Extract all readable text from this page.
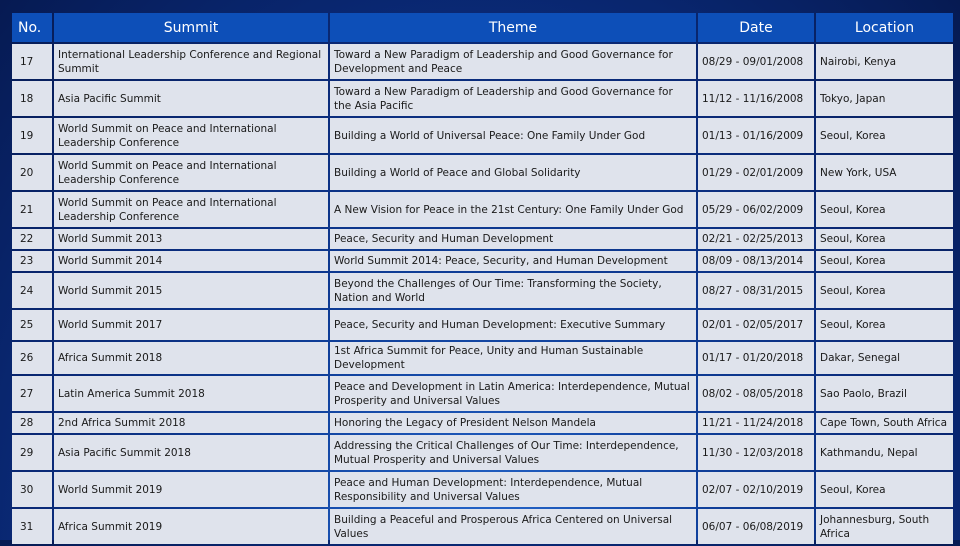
No.	Summit	Theme	Date	Location
17	International Leadership Conference and Regional Summit	Toward a New Paradigm of Leadership and Good Governance for Development and Peace	08/29 - 09/01/2008	Nairobi, Kenya
18	Asia Pacific Summit	Toward a New Paradigm of Leadership and Good Governance for the Asia Pacific	11/12 - 11/16/2008	Tokyo, Japan
19	World Summit on Peace and International Leadership Conference	Building a World of Universal Peace: One Family Under God	01/13 - 01/16/2009	Seoul, Korea
20	World Summit on Peace and International Leadership Conference	Building a World of Peace and Global Solidarity	01/29 - 02/01/2009	New York, USA
21	World Summit on Peace and International Leadership Conference	A New Vision for Peace in the 21st Century: One Family Under God	05/29 - 06/02/2009	Seoul, Korea
22	World Summit 2013	Peace, Security and Human Development	02/21 - 02/25/2013	Seoul, Korea
23	World Summit 2014	World Summit 2014: Peace, Security, and Human Development	08/09 - 08/13/2014	Seoul, Korea
24	World Summit 2015	Beyond the Challenges of Our Time: Transforming the Society, Nation and World	08/27 - 08/31/2015	Seoul, Korea
25	World Summit 2017	Peace, Security and Human Development: Executive Summary	02/01 - 02/05/2017	Seoul, Korea
26	Africa Summit 2018	1st Africa Summit for Peace, Unity and Human Sustainable Development	01/17 - 01/20/2018	Dakar, Senegal
27	Latin America Summit 2018	Peace and Development in Latin America: Interdependence, Mutual Prosperity and Universal Values	08/02 - 08/05/2018	Sao Paolo, Brazil
28	2nd Africa Summit 2018	Honoring the Legacy of President Nelson Mandela	11/21 - 11/24/2018	Cape Town, South Africa
29	Asia Pacific Summit 2018	Addressing the Critical Challenges of Our Time: Interdependence, Mutual Prosperity and Universal Values	11/30 - 12/03/2018	Kathmandu, Nepal
30	World Summit 2019	Peace and Human Development: Interdependence, Mutual Responsibility and Universal Values	02/07 - 02/10/2019	Seoul, Korea
31	Africa Summit 2019	Building a Peaceful and Prosperous Africa Centered on Universal Values	06/07 - 06/08/2019	Johannesburg, South Africa
